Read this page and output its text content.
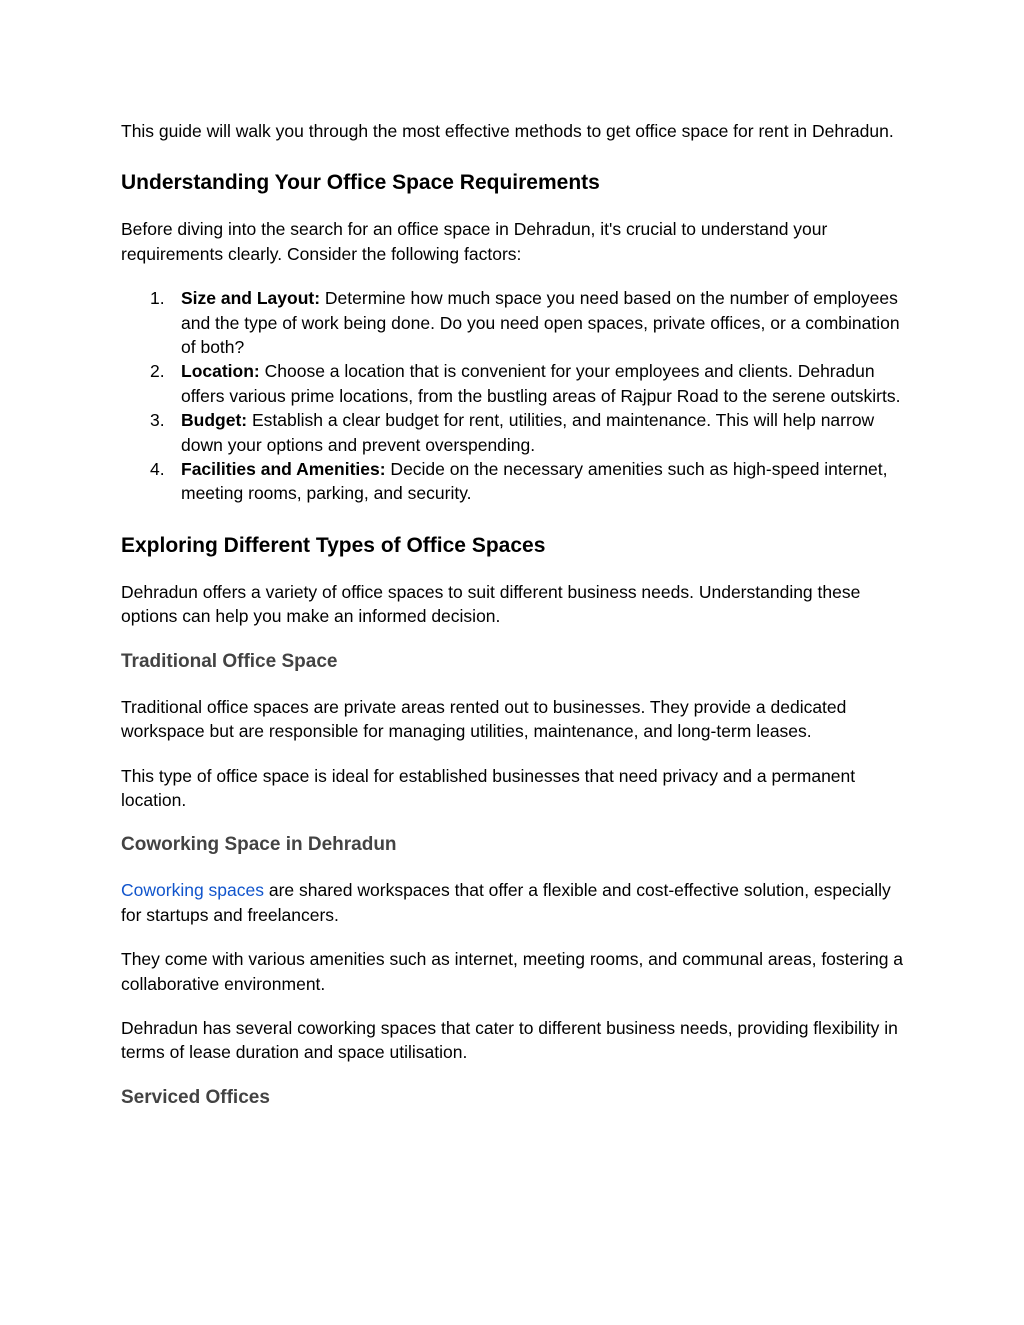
This guide will walk you through the most effective methods to get office space for rent in Dehradun.

Understanding Your Office Space Requirements

Before diving into the search for an office space in Dehradun, it's crucial to understand your requirements clearly. Consider the following factors:

1. Size and Layout: Determine how much space you need based on the number of employees and the type of work being done. Do you need open spaces, private offices, or a combination of both?
2. Location: Choose a location that is convenient for your employees and clients. Dehradun offers various prime locations, from the bustling areas of Rajpur Road to the serene outskirts.
3. Budget: Establish a clear budget for rent, utilities, and maintenance. This will help narrow down your options and prevent overspending.
4. Facilities and Amenities: Decide on the necessary amenities such as high-speed internet, meeting rooms, parking, and security.
Exploring Different Types of Office Spaces

Dehradun offers a variety of office spaces to suit different business needs. Understanding these options can help you make an informed decision.

Traditional Office Space

Traditional office spaces are private areas rented out to businesses. They provide a dedicated workspace but are responsible for managing utilities, maintenance, and long-term leases.

This type of office space is ideal for established businesses that need privacy and a permanent location.

Coworking Space in Dehradun

Coworking spaces are shared workspaces that offer a flexible and cost-effective solution, especially for startups and freelancers.

They come with various amenities such as internet, meeting rooms, and communal areas, fostering a collaborative environment.

Dehradun has several coworking spaces that cater to different business needs, providing flexibility in terms of lease duration and space utilisation.

Serviced Offices
